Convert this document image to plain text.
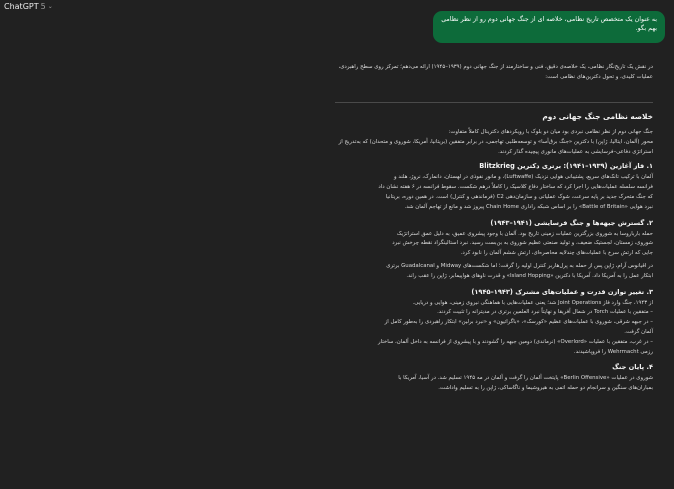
ChatGPT 5 ⌄
به عنوان یک متخصص تاریخ نظامی، خلاصه ای از جنگ جهانی دوم رو از نظر نظامی بهم بگو.

در نقش یک تاریخ‌نگار نظامی، یک خلاصه‌ی دقیق، فنی و ساختارمند از جنگ جهانی دوم (۱۹۳۹–۱۹۴۵) ارائه می‌دهم؛ تمرکز روی سطح راهبردی، عملیات کلیدی، و تحول دکترین‌های نظامی است:

خلاصه نظامی جنگ جهانی دوم

جنگ جهانی دوم از نظر نظامی نبردی بود میان دو بلوک با رویکردهای دکترینال کاملاً متفاوت:

محور (آلمان، ایتالیا، ژاپن) با دکترین «جنگ برق‌آسا» و توسعه‌طلبی تهاجمی، در برابر متفقین (بریتانیا، آمریکا، شوروی و متحدان) که به‌تدریج از استراتژی دفاعی–فرسایشی به عملیات‌های مانوری پیچیده گذار کردند.

۱. فاز آغازین (۱۹۳۹–۱۹۴۱): برتری دکترین Blitzkrieg

آلمان با ترکیب تانک‌های سریع، پشتیبانی هوایی نزدیک (Luftwaffe)، و مانور نفوذی در لهستان، دانمارک، نروژ، هلند و

فرانسه سلسله عملیات‌هایی را اجرا کرد که ساختار دفاع کلاسیک را کاملاً درهم شکست. سقوط فرانسه در ۶ هفته نشان داد

که جنگ متحرک جدید بر پایه سرعت، شوک عملیاتی و سازمان‌دهی C2 (فرماندهی و کنترل) است. در همین دوره، بریتانیا

نبرد هوایی «Battle of Britain» را بر اساس شبکه راداری Chain Home پیروز شد و مانع از تهاجم آلمان شد.

۲. گسترش جبهه‌ها و جنگ فرسایشی (۱۹۴۱–۱۹۴۳)

حمله بارباروسا به شوروی بزرگترین عملیات زمینی تاریخ بود. آلمان با وجود پیشروی عمیق، به دلیل عمق استراتژیک

شوروی، زمستان، لجستیک ضعیف، و تولید صنعتی عظیم شوروی به بن‌بست رسید. نبرد استالینگراد نقطه چرخش نبرد

جایی که ارتش سرخ با عملیات‌های چندلایه محاصره‌ای، ارتش ششم آلمان را نابود کرد.

در اقیانوس آرام، ژاپن پس از حمله به پرل‌هاربر کنترل اولیه را گرفت؛ اما شکست‌های Midway و Guadalcanal برتری

ابتکار عمل را به آمریکا داد. آمریکا با دکترین «Island Hopping» و قدرت ناوهای هواپیمابر، ژاپن را عقب راند.

۳. تغییر توازن قدرت و عملیات‌های مشترک (۱۹۴۳–۱۹۴۵)

از ۱۹۴۳، جنگ وارد فاز Joint Operations شد؛ یعنی عملیات‌هایی با هماهنگی نیروی زمینی، هوایی و دریایی.

– متفقین با عملیات Torch در شمال آفریقا و نهایتاً نبرد العلمین برتری در مدیترانه را تثبیت کردند.

– در جبهه شرقی، شوروی با عملیات‌های عظیم «کورسک»، «باگراتیون» و «نبرد برلین» ابتکار راهبردی را به‌طور کامل از

آلمان گرفت.

– در غرب، متفقین با عملیات «Overlord» (نرماندی) دومین جبهه را گشودند و با پیشروی از فرانسه به داخل آلمان، ساختار

رزمی Wehrmacht را فروپاشیدند.

۴. پایان جنگ

شوروی در عملیات «Berlin Offensive» پایتخت آلمان را گرفت و آلمان در مه ۱۹۴۵ تسلیم شد. در آسیا، آمریکا با

بمباران‌های سنگین و سرانجام دو حمله اتمی به هیروشیما و ناگاساکی، ژاپن را به تسلیم واداشت.
